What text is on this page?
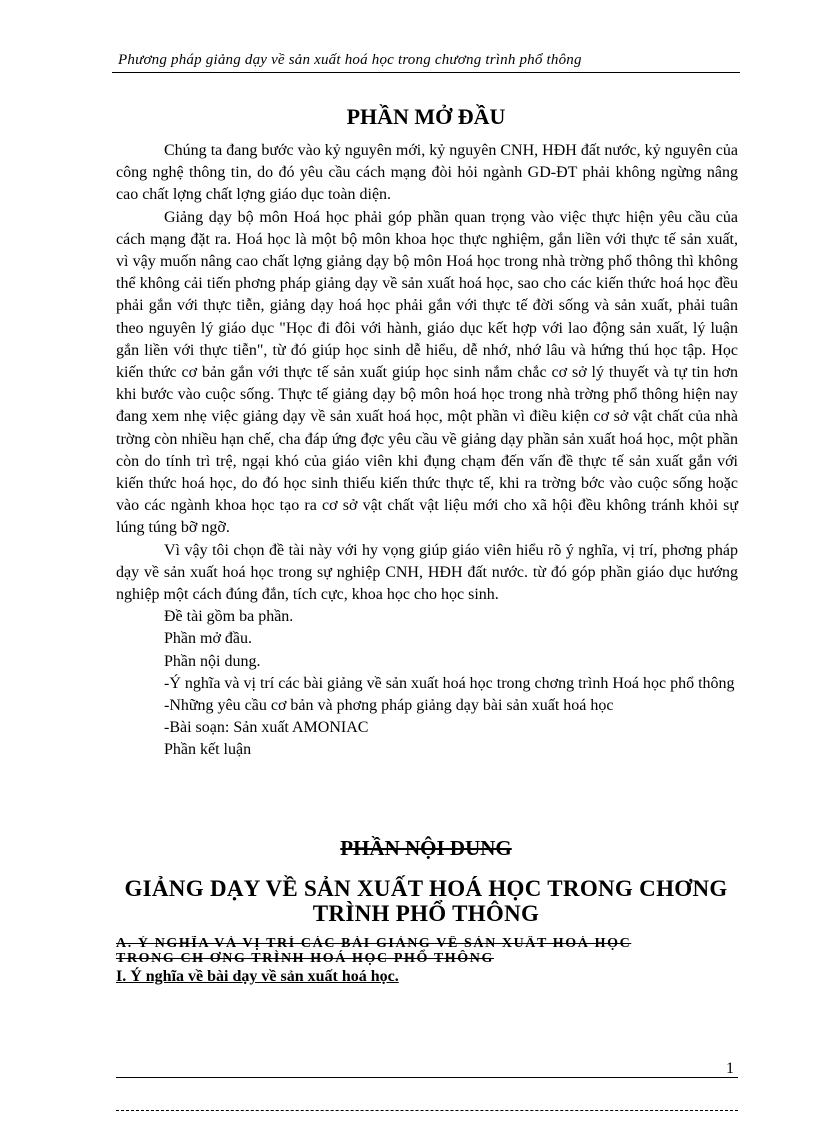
Phương pháp giảng dạy về sản xuất hoá học trong chương trình phổ thông
PHẦN MỞ ĐẦU

Chúng ta đang bước vào kỷ nguyên mới, kỷ nguyên CNH, HĐH đất nước, kỷ nguyên của công nghệ thông tin, do đó yêu cầu cách mạng đòi hỏi ngành GD-ĐT phải không ngừng nâng cao chất lợng chất lợng giáo dục toàn diện.

Giảng dạy bộ môn Hoá học phải góp phần quan trọng vào việc thực hiện yêu cầu của cách mạng đặt ra. Hoá học là một bộ môn khoa học thực nghiệm, gắn liền với thực tế sản xuất, vì vậy muốn nâng cao chất lợng giảng dạy bộ môn Hoá học trong nhà trờng phổ thông thì không thể không cải tiến phơng pháp giảng dạy về sản xuất hoá học, sao cho các kiến thức hoá học đều phải gắn với thực tiễn, giảng dạy hoá học phải gắn với thực tế đời sống và sản xuất, phải tuân theo nguyên lý giáo dục "Học đi đôi với hành, giáo dục kết hợp với lao động sản xuất, lý luận gắn liền với thực tiễn", từ đó giúp học sinh dễ hiểu, dễ nhớ, nhớ lâu và hứng thú học tập. Học kiến thức cơ bản gắn với thực tế sản xuất giúp học sinh nắm chắc cơ sở lý thuyết và tự tin hơn khi bước vào cuộc sống. Thực tế giảng dạy bộ môn hoá học trong nhà trờng phổ thông hiện nay đang xem nhẹ việc giảng dạy về sản xuất hoá học, một phần vì điều kiện cơ sở vật chất của nhà trờng còn nhiều hạn chế, cha đáp ứng đợc yêu cầu về giảng dạy phần sản xuất hoá học, một phần còn do tính trì trệ, ngại khó của giáo viên khi đụng chạm đến vấn đề thực tế sản xuất gắn với kiến thức hoá học, do đó học sinh thiếu kiến thức thực tế, khi ra trờng bớc vào cuộc sống hoặc vào các ngành khoa học tạo ra cơ sở vật chất vật liệu mới cho xã hội đều không tránh khỏi sự lúng túng bỡ ngỡ.

Vì vậy tôi chọn đề tài này với hy vọng giúp giáo viên hiểu rõ ý nghĩa, vị trí, phơng pháp dạy về sản xuất hoá học trong sự nghiệp CNH, HĐH đất nước. từ đó góp phần giáo dục hướng nghiệp một cách đúng đắn, tích cực, khoa học cho học sinh.

Đề tài gồm ba phần.

Phần mở đầu.

Phần nội dung.

-Ý nghĩa và vị trí các bài giảng về sản xuất hoá học trong chơng trình Hoá học phổ thông

-Những yêu cầu cơ bản và phơng pháp giảng dạy bài sản xuất hoá học

-Bài soạn: Sản xuất AMONIAC

Phần kết luận

PHẦN NỘI DUNG
GIẢNG DẠY VỀ SẢN XUẤT HOÁ HỌC TRONG CHƠNG TRÌNH PHỔ THÔNG
A. Ý NGHĨA VÀ VỊ TRÍ CÁC BÀI GIẢNG VỀ SẢN XUẤT HOÁ HỌC
TRONG CH ƠNG TRÌNH HOÁ HỌC PHỔ THÔNG

I. Ý nghĩa về bài dạy về sản xuất hoá học.

1
